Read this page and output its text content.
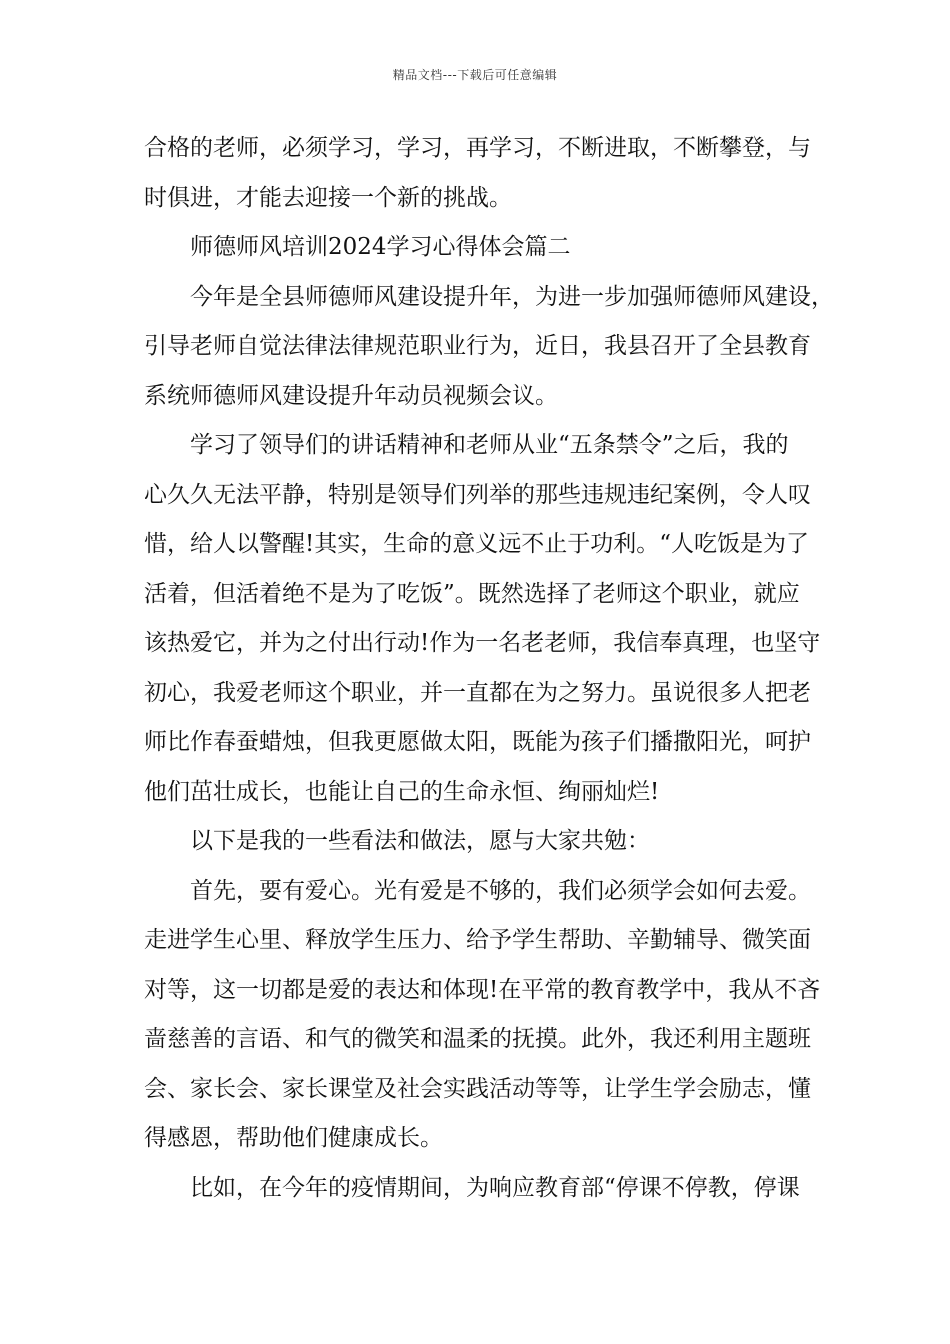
精品文档---下载后可任意编辑
合格的老师，必须学习，学习，再学习，不断进取，不断攀登，与
时俱进，才能去迎接一个新的挑战。
师德师风培训2024学习心得体会篇二
今年是全县师德师风建设提升年，为进一步加强师德师风建设，
引导老师自觉法律法律规范职业行为，近日，我县召开了全县教育
系统师德师风建设提升年动员视频会议。
学习了领导们的讲话精神和老师从业“五条禁令”之后，我的
心久久无法平静，特别是领导们列举的那些违规违纪案例，令人叹
惜，给人以警醒!其实，生命的意义远不止于功利。“人吃饭是为了
活着，但活着绝不是为了吃饭”。既然选择了老师这个职业，就应
该热爱它，并为之付出行动!作为一名老老师，我信奉真理，也坚守
初心，我爱老师这个职业，并一直都在为之努力。虽说很多人把老
师比作春蚕蜡烛，但我更愿做太阳，既能为孩子们播撒阳光，呵护
他们茁壮成长，也能让自己的生命永恒、绚丽灿烂!
以下是我的一些看法和做法，愿与大家共勉：
首先，要有爱心。光有爱是不够的，我们必须学会如何去爱。
走进学生心里、释放学生压力、给予学生帮助、辛勤辅导、微笑面
对等，这一切都是爱的表达和体现!在平常的教育教学中，我从不吝
啬慈善的言语、和气的微笑和温柔的抚摸。此外，我还利用主题班
会、家长会、家长课堂及社会实践活动等等，让学生学会励志，懂
得感恩，帮助他们健康成长。
比如，在今年的疫情期间，为响应教育部“停课不停教，停课
